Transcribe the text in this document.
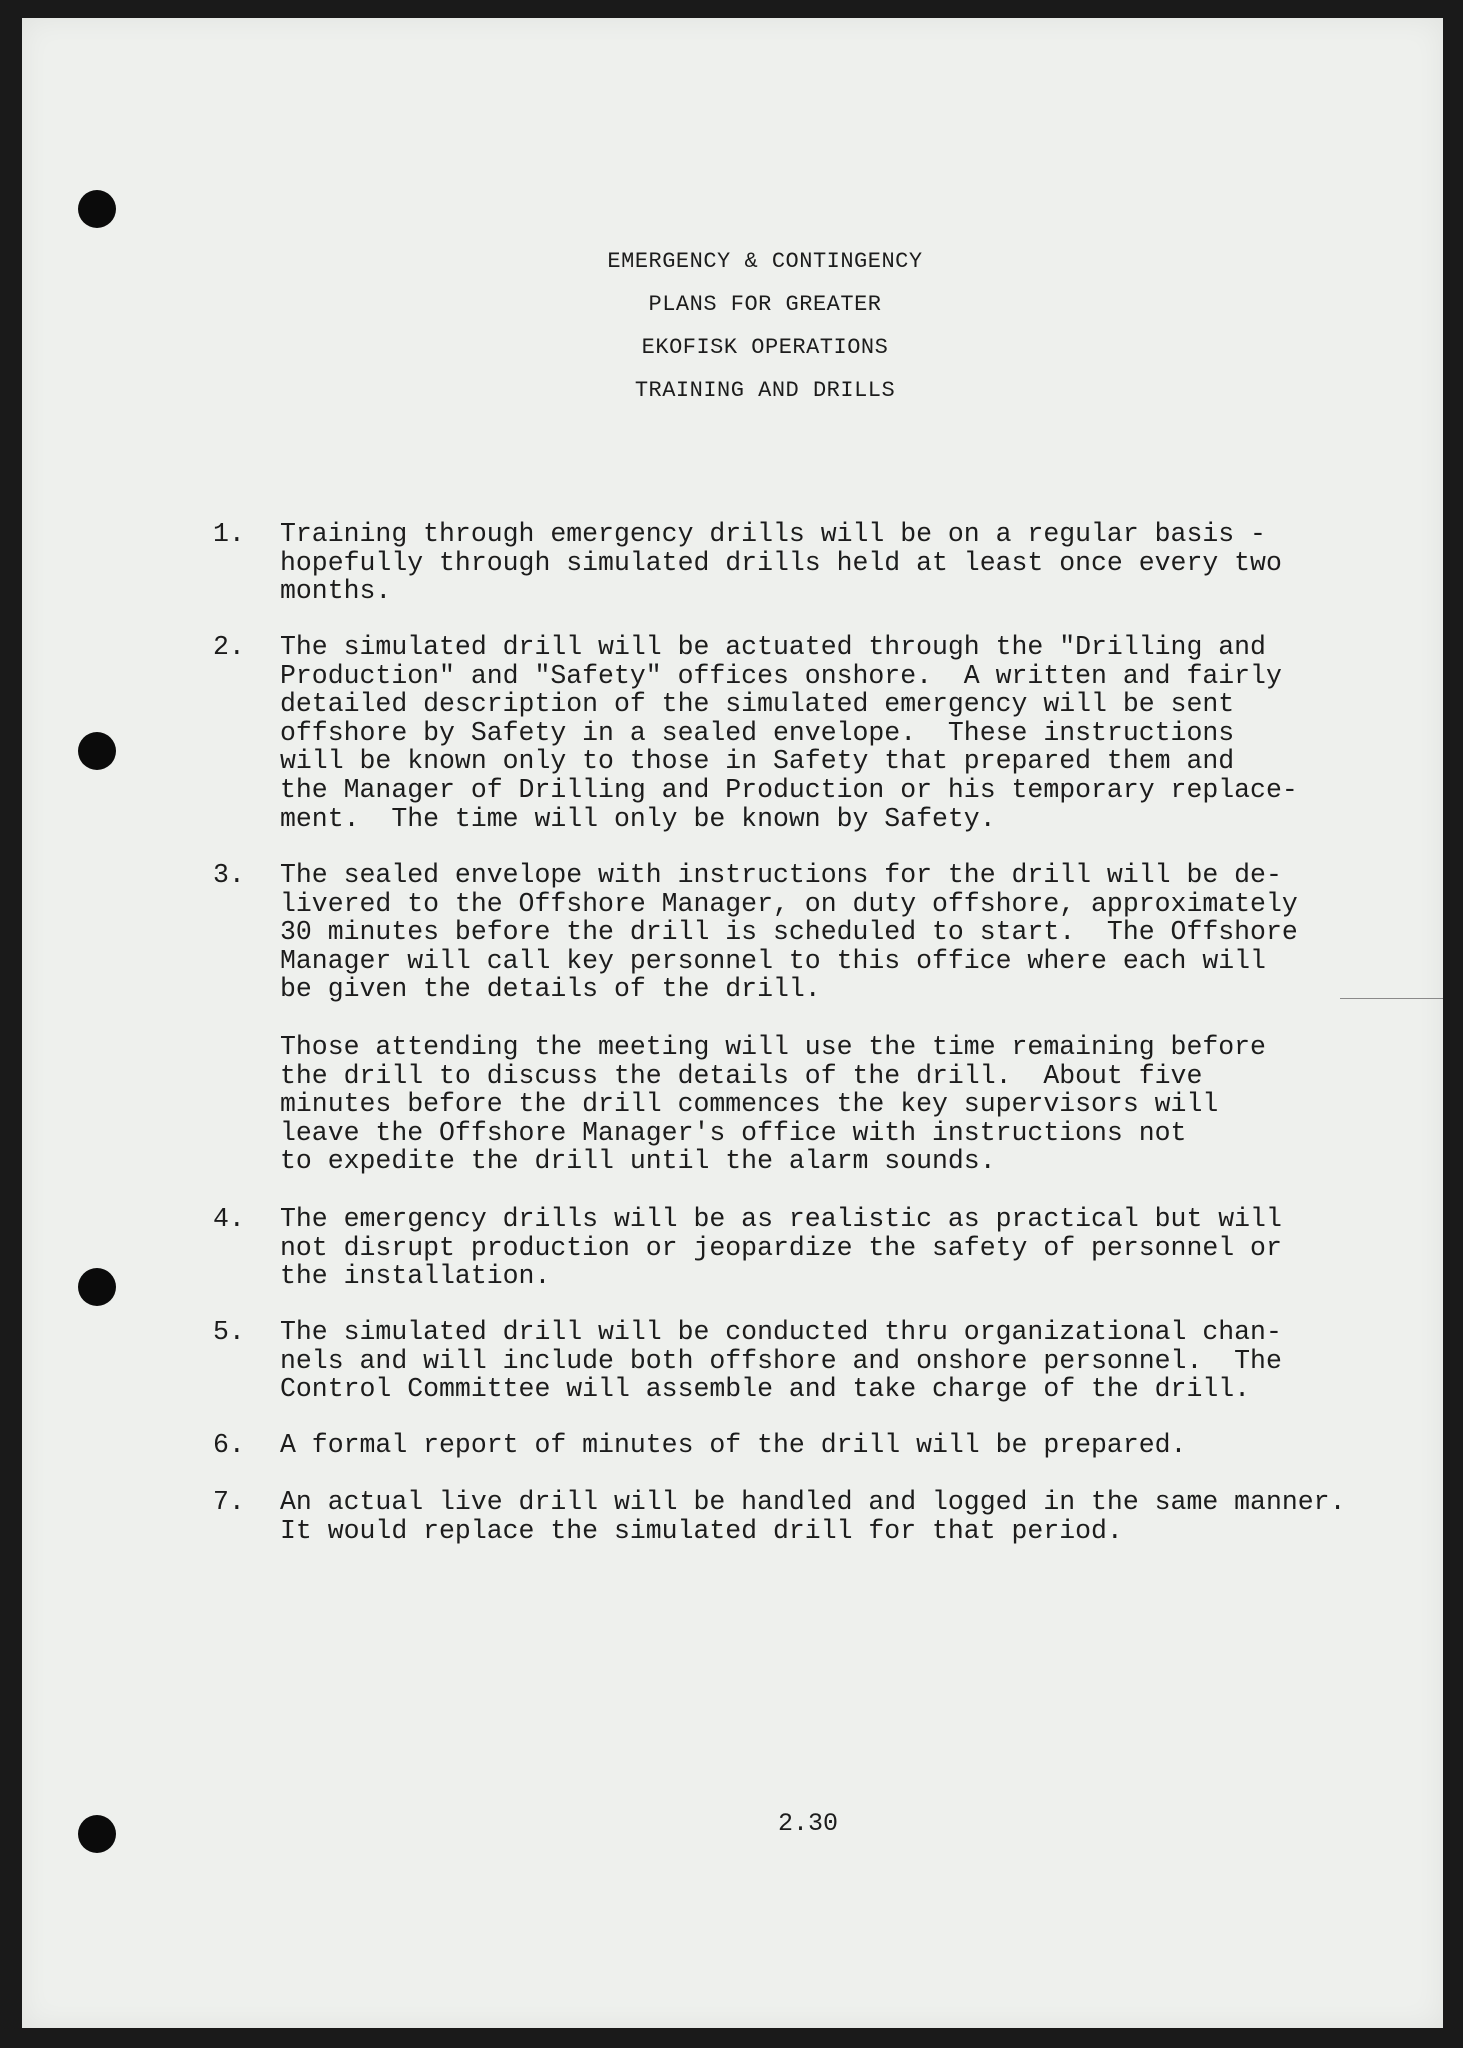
EMERGENCY & CONTINGENCY
PLANS FOR GREATER
EKOFISK OPERATIONS
TRAINING AND DRILLS
1. Training through emergency drills will be on a regular basis -
hopefully through simulated drills held at least once every two
months.
2. The simulated drill will be actuated through the "Drilling and
Production" and "Safety" offices onshore.  A written and fairly
detailed description of the simulated emergency will be sent
offshore by Safety in a sealed envelope.  These instructions
will be known only to those in Safety that prepared them and
the Manager of Drilling and Production or his temporary replace-
ment.  The time will only be known by Safety.
3. The sealed envelope with instructions for the drill will be de-
livered to the Offshore Manager, on duty offshore, approximately
30 minutes before the drill is scheduled to start.  The Offshore
Manager will call key personnel to this office where each will
be given the details of the drill.
Those attending the meeting will use the time remaining before
the drill to discuss the details of the drill.  About five
minutes before the drill commences the key supervisors will
leave the Offshore Manager's office with instructions not
to expedite the drill until the alarm sounds.
4. The emergency drills will be as realistic as practical but will
not disrupt production or jeopardize the safety of personnel or
the installation.
5. The simulated drill will be conducted thru organizational chan-
nels and will include both offshore and onshore personnel.  The
Control Committee will assemble and take charge of the drill.
6. A formal report of minutes of the drill will be prepared.
7. An actual live drill will be handled and logged in the same manner.
It would replace the simulated drill for that period.
2.30
